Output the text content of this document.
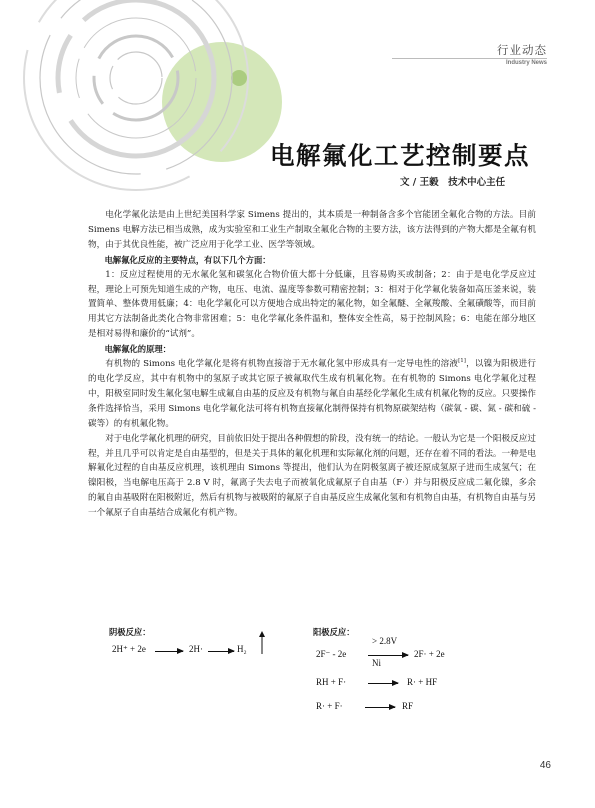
行业动态
Industry News
电解氟化工艺控制要点
文 / 王毅　技术中心主任

电化学氟化法是由上世纪美国科学家 Simens 提出的，其本质是一种制备含多个官能团全氟化合物的方法。目前 Simens 电解方法已相当成熟，成为实验室和工业生产制取全氟化合物的主要方法，该方法得到的产物大都是全氟有机物，由于其优良性能，被广泛应用于化学工业、医学等领域。

电解氟化反应的主要特点，有以下几个方面：

1：反应过程使用的无水氟化氢和碳氢化合物价值大都十分低廉，且容易购买或制备；2：由于是电化学反应过程，理论上可预先知道生成的产物，电压、电流、温度等参数可精密控制；3：相对于化学氟化装备如高压釜来说，装置简单、整体费用低廉；4：电化学氟化可以方便地合成出特定的氟化物，如全氟醚、全氟羧酸、全氟磺酸等，而目前用其它方法制备此类化合物非常困难；5：电化学氟化条件温和，整体安全性高，易于控制风险；6：电能在部分地区是相对易得和廉价的“试剂”。

电解氟化的原理：

有机物的 Simons 电化学氟化是将有机物直接溶于无水氟化氢中形成具有一定导电性的溶液[1]，以镍为阳极进行的电化学反应，其中有机物中的氢原子或其它原子被氟取代生成有机氟化物。在有机物的 Simons 电化学氟化过程中，阳极室同时发生氟化氢电解生成氟自由基的反应及有机物与氟自由基经化学氟化生成有机氟化物的反应。只要操作条件选择恰当，采用 Simons 电化学氟化法可将有机物直接氟化制得保持有机物原碳架结构（碳氧 - 碳、氮 - 碳和硫 - 碳等）的有机氟化物。

对于电化学氟化机理的研究，目前依旧处于提出各种假想的阶段，没有统一的结论。一般认为它是一个阳极反应过程，并且几乎可以肯定是自由基型的，但是关于具体的氟化机理和实际氟化剂的问题，还存在着不同的看法。一种是电解氟化过程的自由基反应机理，该机理由 Simons 等提出，他们认为在阴极氢离子被还原成氢原子进而生成氢气；在镍阳极，当电解电压高于 2.8 V 时，氟离子失去电子而被氧化成氟原子自由基（F·）并与阳极反应成二氟化镍，多余的氟自由基吸附在阳极附近，然后有机物与被吸附的氟原子自由基反应生成氟化氢和有机物自由基，有机物自由基与另一个氟原子自由基结合成氟化有机产物。

阴极反应：	阳极反应：
2H⁺ + 2e	2H·	H₂	2F⁻ - 2e
> 2.8V
Ni
2F· + 2e
RH + F·	R· + HF
R· + F·	RF
46
